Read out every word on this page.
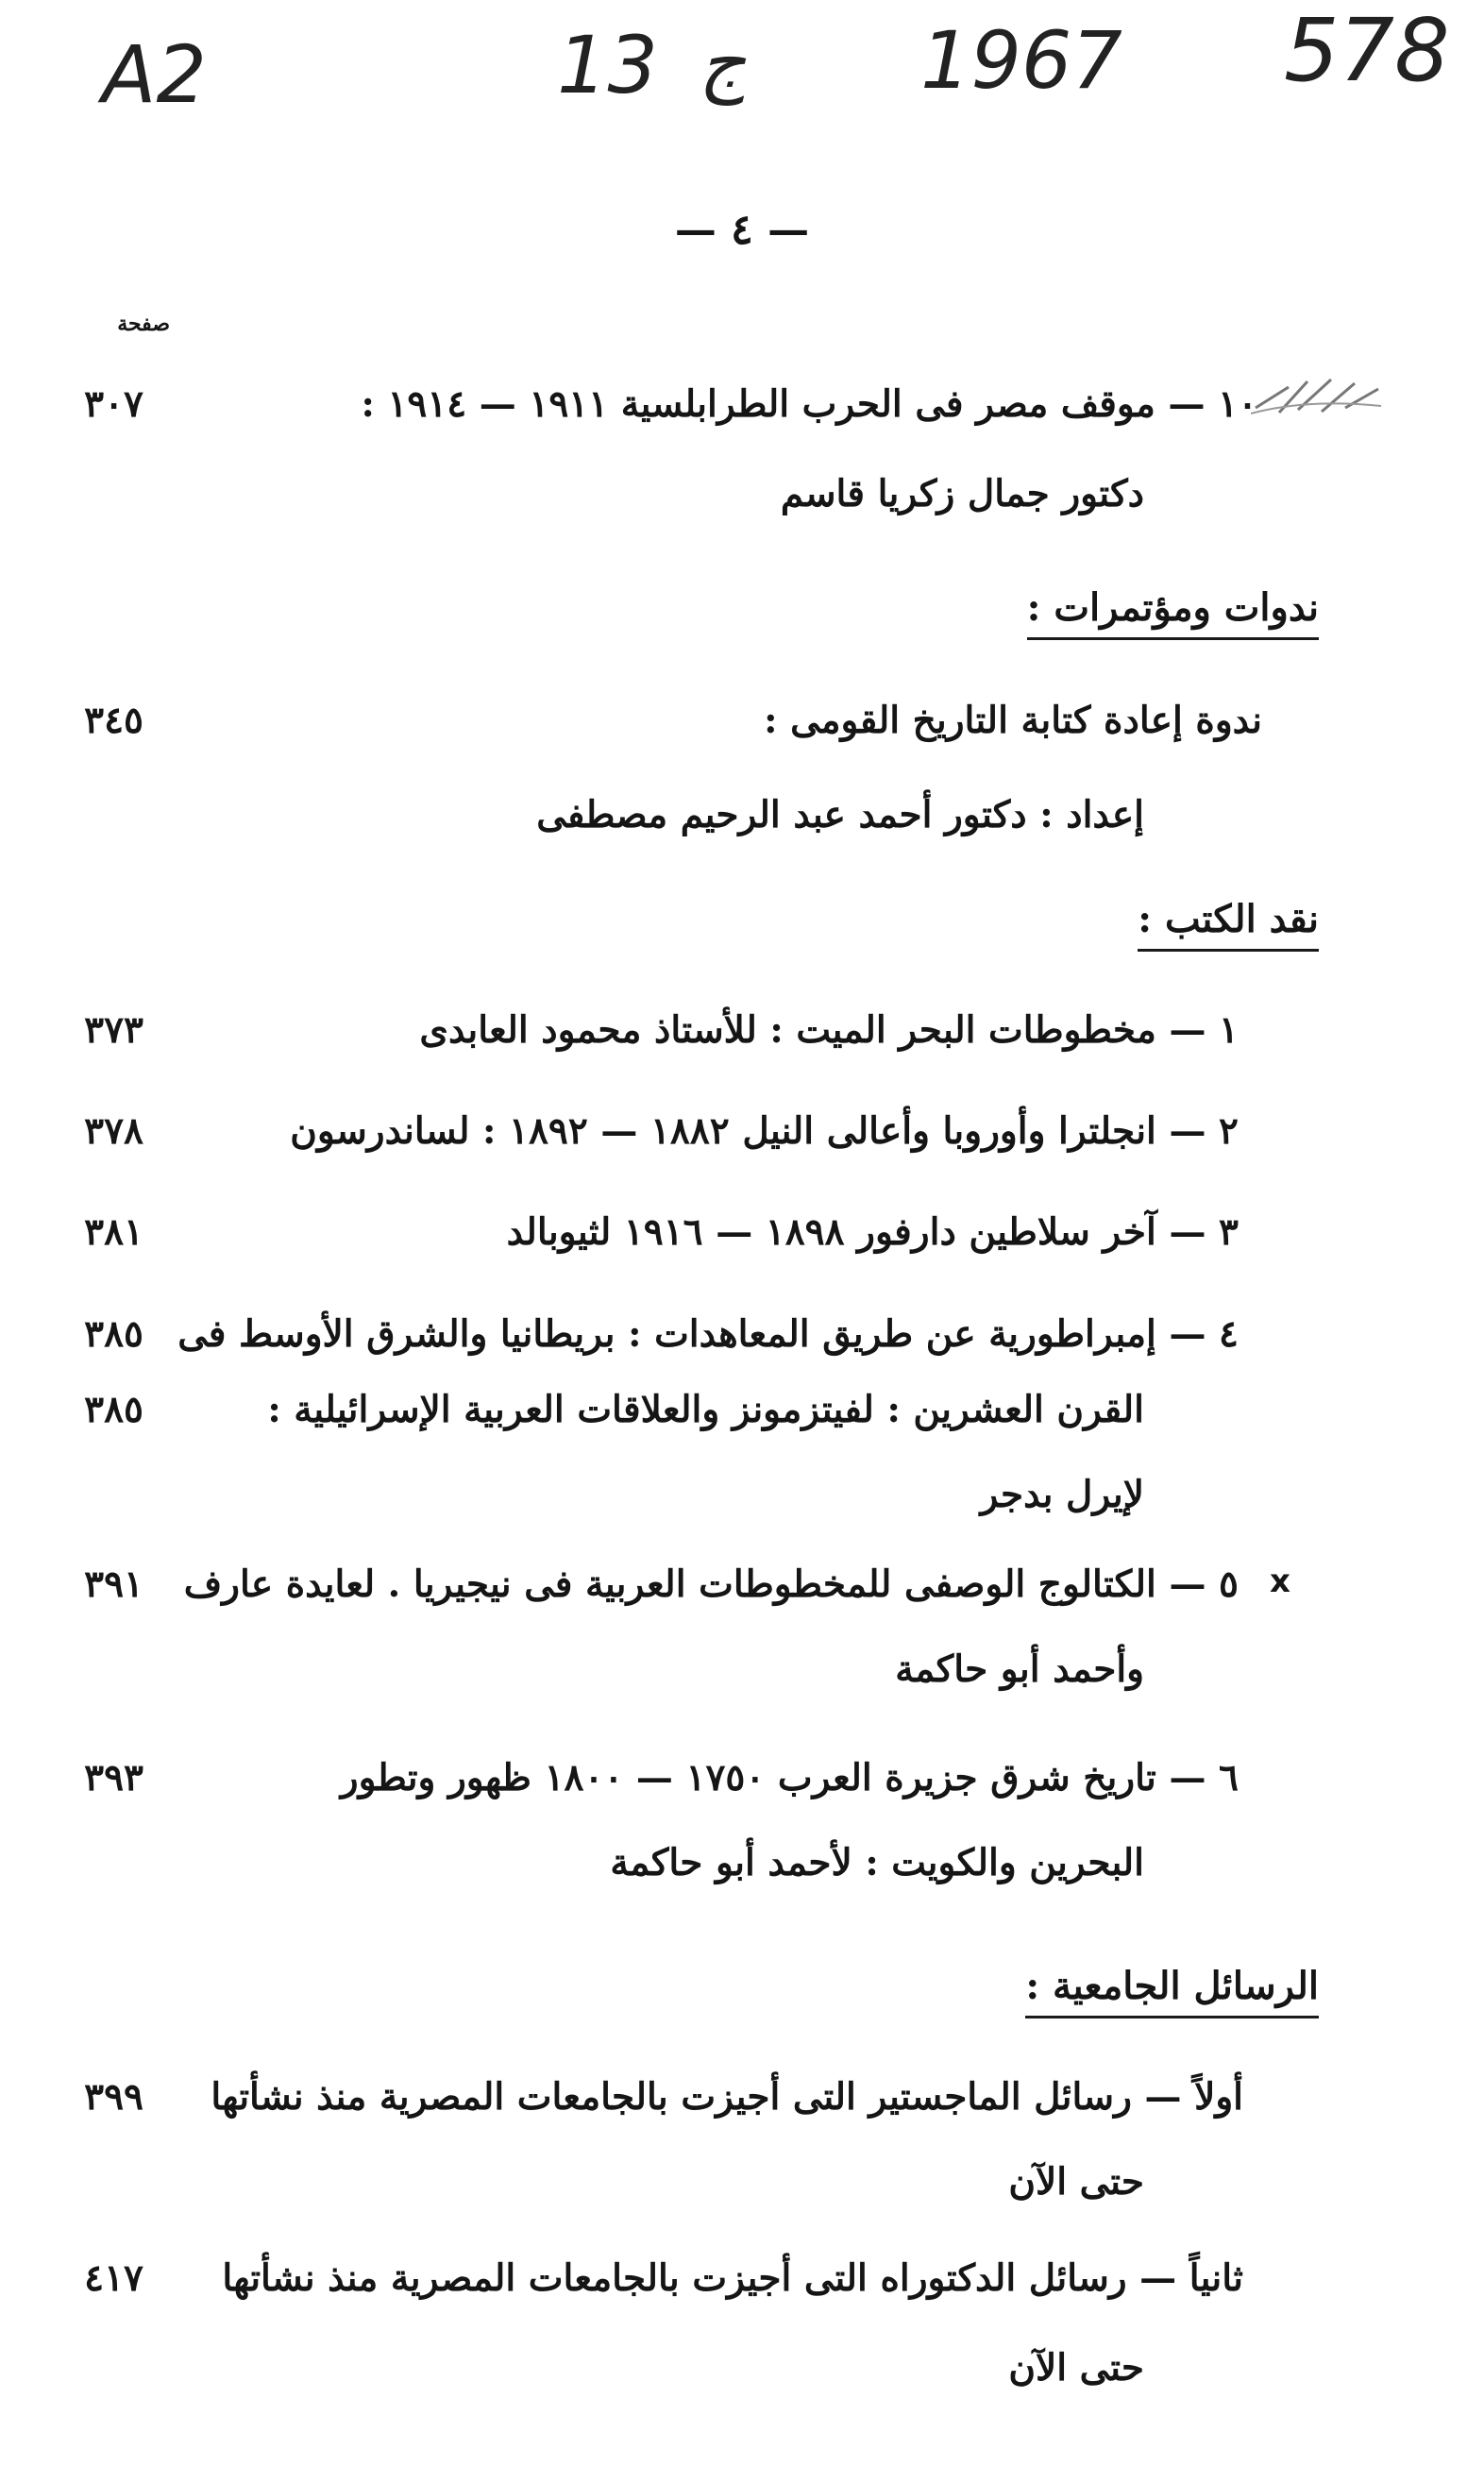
A2	13 ج 1967 578
— ٤ —
صفحة
١٠ — موقف مصر فى الحرب الطرابلسية ١٩١١ — ١٩١٤ :
٣٠٧
دكتور جمال زكريا قاسم
ندوات ومؤتمرات :
ندوة إعادة كتابة التاريخ القومى :
٣٤٥
إعداد : دكتور أحمد عبد الرحيم مصطفى
نقد الكتب :
١ — مخطوطات البحر الميت : للأستاذ محمود العابدى
٣٧٣
٢ — انجلترا وأوروبا وأعالى النيل ١٨٨٢ — ١٨٩٢ : لساندرسون
٣٧٨
٣ — آخر سلاطين دارفور ١٨٩٨ — ١٩١٦ لثيوبالد
٣٨١
٤ — إمبراطورية عن طريق المعاهدات : بريطانيا والشرق الأوسط فى
٣٨٥
القرن العشرين : لفيتزمونز والعلاقات العربية الإسرائيلية :
٣٨٥
لإيرل بدجر
x
٥ — الكتالوج الوصفى للمخطوطات العربية فى نيجيريا . لعايدة عارف
٣٩١
وأحمد أبو حاكمة
٦ — تاريخ شرق جزيرة العرب ١٧٥٠ — ١٨٠٠ ظهور وتطور
٣٩٣
البحرين والكويت : لأحمد أبو حاكمة
الرسائل الجامعية :
أولاً — رسائل الماجستير التى أجيزت بالجامعات المصرية منذ نشأتها
٣٩٩
حتى الآن
ثانياً — رسائل الدكتوراه التى أجيزت بالجامعات المصرية منذ نشأتها
٤١٧
حتى الآن
